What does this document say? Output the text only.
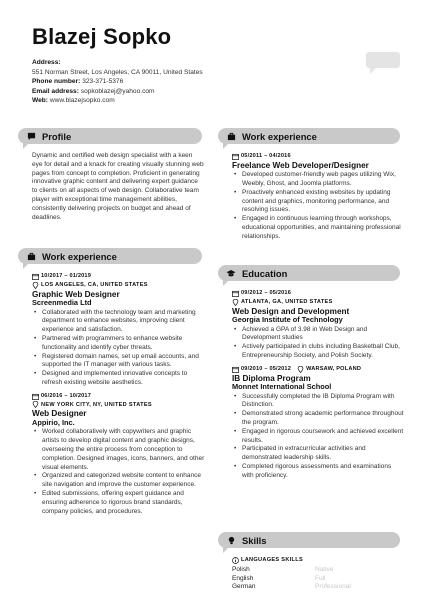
Blazej Sopko
Address:
551 Norman Street, Los Angeles, CA 90011, United States
Phone number: 323-371-5376
Email address: sopkoblazej@yahoo.com
Web: www.blazejsopko.com
Profile
Dynamic and certified web design specialist with a keen eye for detail and a knack for creating visually stunning web pages from concept to completion. Proficient in generating innovative graphic content and delivering expert guidance to clients on all aspects of web design. Collaborative team player with exceptional time management abilities, consistently delivering projects on budget and ahead of deadlines.
Work experience
10/2017 – 01/2019
LOS ANGELES, CA, UNITED STATES
Graphic Web Designer
Screenmedia Ltd
• Collaborated with the technology team and marketing department to enhance websites, improving client experience and satisfaction.
• Partnered with programmers to enhance website functionality and identify cyber threats.
• Registered domain names, set up email accounts, and supported the IT manager with various tasks.
• Designed and implemented innovative concepts to refresh existing website aesthetics.
06/2016 – 10/2017
NEW YORK CITY, NY, UNITED STATES
Web Designer
Appirio, Inc.
• Worked collaboratively with copywriters and graphic artists to develop digital content and graphic designs, overseeing the entire process from conception to completion. Designed images, icons, banners, and other visual elements.
• Organized and categorized website content to enhance site navigation and improve the customer experience.
• Edited submissions, offering expert guidance and ensuring adherence to rigorous brand standards, company policies, and procedures.
Work experience
05/2011 – 04/2016
Freelance Web Developer/Designer
• Developed customer-friendly web pages utilizing Wix, Weebly, Ghost, and Joomla platforms.
• Proactively enhanced existing websites by updating content and graphics, monitoring performance, and resolving issues.
• Engaged in continuous learning through workshops, educational opportunities, and maintaining professional relationships.
Education
09/2012 – 05/2016
ATLANTA, GA, UNITED STATES
Web Design and Development
Georgia Institute of Technology
• Achieved a GPA of 3.98 in Web Design and Development studies
• Actively participated in clubs including Basketball Club, Entrepreneurship Society, and Polish Society.
09/2010 – 05/2012	WARSAW, POLAND
IB Diploma Program
Monnet International School
• Successfully completed the IB Diploma Program with Distinction.
• Demonstrated strong academic performance throughout the program.
• Engaged in rigorous coursework and achieved excellent results.
• Participated in extracurricular activities and demonstrated leadership skills.
• Completed rigorous assessments and examinations with proficiency.
Skills
LANGUAGES SKILLS
Polish	Native
English	Full
German	Professional
